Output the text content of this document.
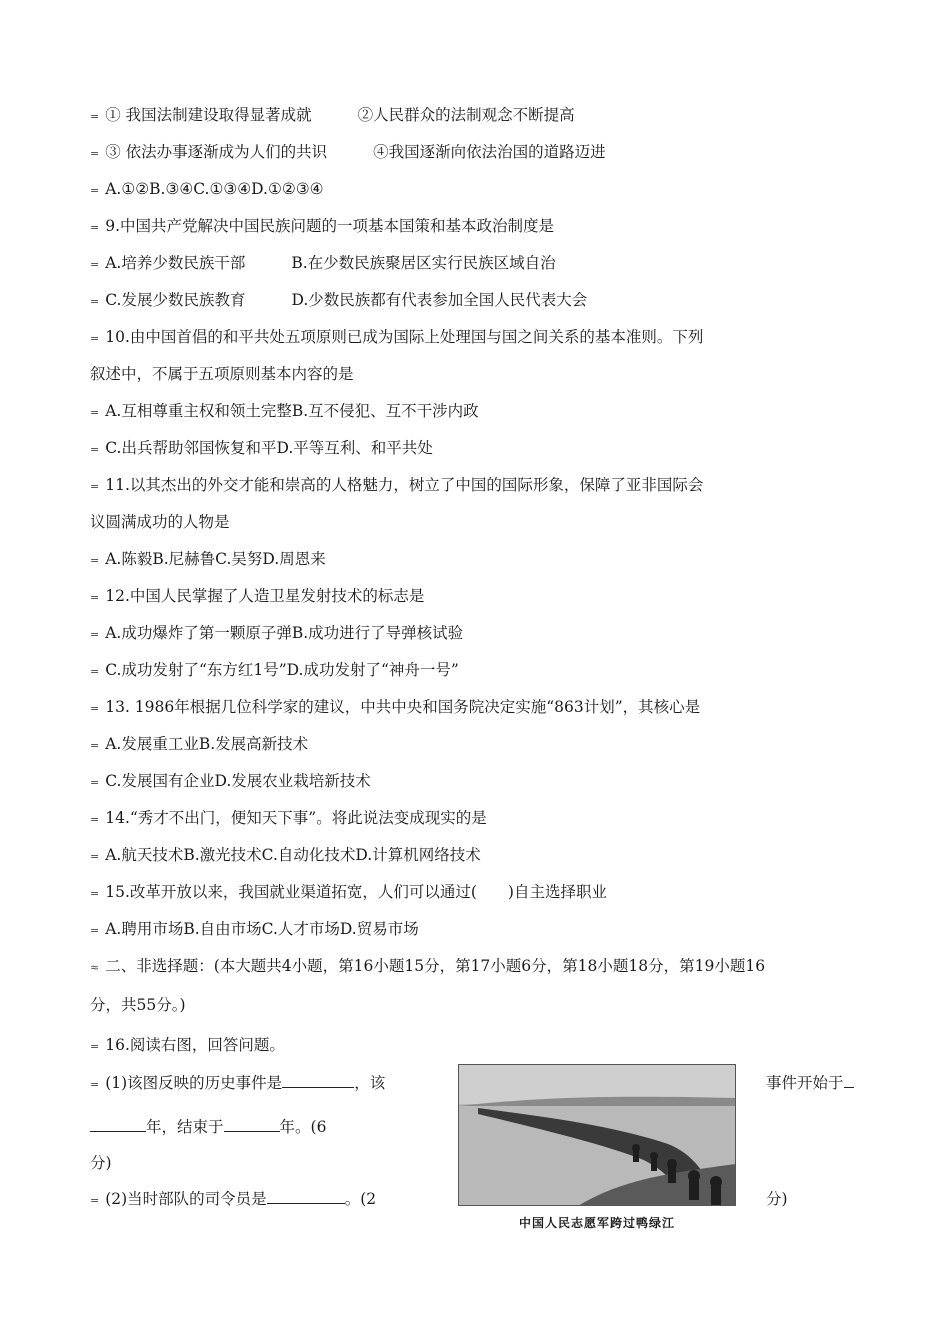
= ① 我国法制建设取得显著成就	②人民群众的法制观念不断提高
= ③ 依法办事逐渐成为人们的共识	④我国逐渐向依法治国的道路迈进
= A.①②B.③④C.①③④D.①②③④
= 9.中国共产党解决中国民族问题的一项基本国策和基本政治制度是
= A.培养少数民族干部	B.在少数民族聚居区实行民族区域自治
= C.发展少数民族教育	D.少数民族都有代表参加全国人民代表大会
= 10.由中国首倡的和平共处五项原则已成为国际上处理国与国之间关系的基本准则。下列
叙述中，不属于五项原则基本内容的是
= A.互相尊重主权和领土完整B.互不侵犯、互不干涉内政
= C.出兵帮助邻国恢复和平D.平等互利、和平共处
= 11.以其杰出的外交才能和崇高的人格魅力，树立了中国的国际形象，保障了亚非国际会
议圆满成功的人物是
= A.陈毅B.尼赫鲁C.吴努D.周恩来
= 12.中国人民掌握了人造卫星发射技术的标志是
= A.成功爆炸了第一颗原子弹B.成功进行了导弹核试验
= C.成功发射了“东方红1号”D.成功发射了“神舟一号”
= 13. 1986年根据几位科学家的建议，中共中央和国务院决定实施“863计划”，其核心是
= A.发展重工业B.发展高新技术
= C.发展国有企业D.发展农业栽培新技术
= 14.“秀才不出门，便知天下事”。将此说法变成现实的是
= A.航天技术B.激光技术C.自动化技术D.计算机网络技术
= 15.改革开放以来，我国就业渠道拓宽，人们可以通过(　　)自主选择职业
= A.聘用市场B.自由市场C.人才市场D.贸易市场
≈ 二、非选择题：(本大题共4小题，第16小题15分，第17小题6分，第18小题18分，第19小题16
分，共55分。)
= 16.阅读右图，回答问题。
= (1)该图反映的历史事件是	，该	事件开始于
年，结束于	年。(6
分)
= (2)当时部队的司令员是	。(2	分)
中国人民志愿军跨过鸭绿江
